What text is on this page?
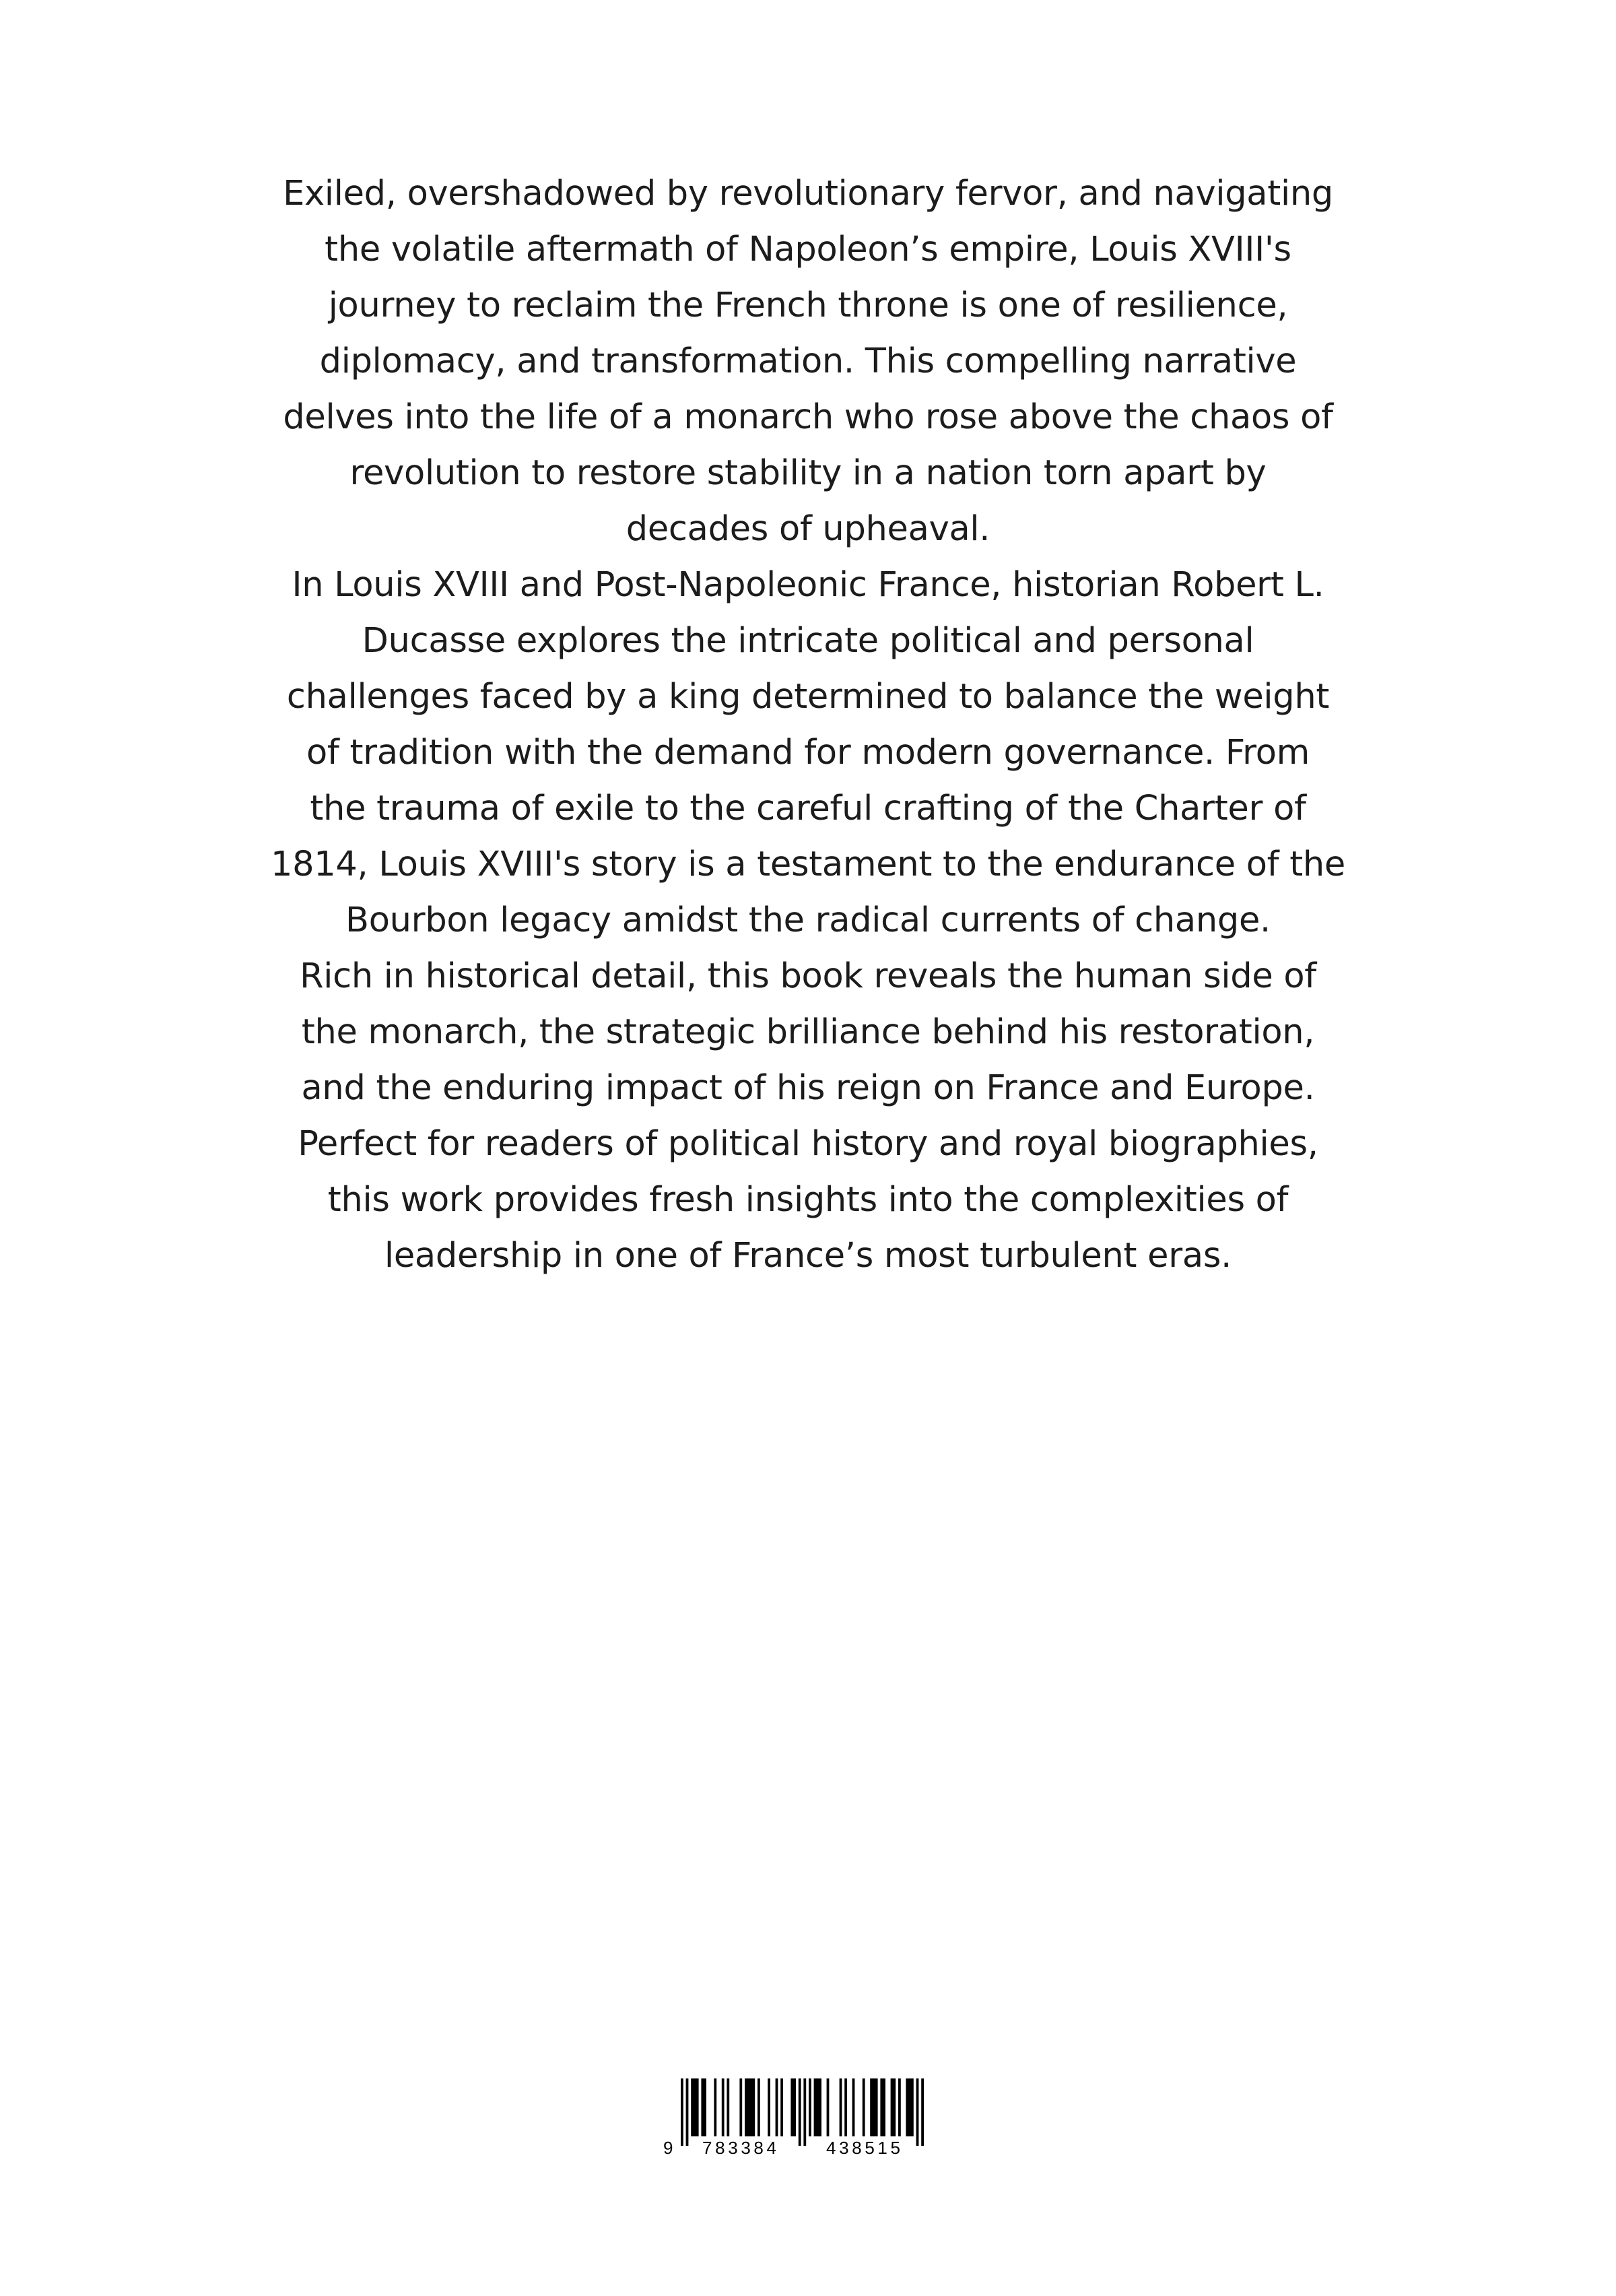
Exiled, overshadowed by revolutionary fervor, and navigating
the volatile aftermath of Napoleon’s empire, Louis XVIII's
journey to reclaim the French throne is one of resilience,
diplomacy, and transformation. This compelling narrative
delves into the life of a monarch who rose above the chaos of
revolution to restore stability in a nation torn apart by
decades of upheaval.
In Louis XVIII and Post-Napoleonic France, historian Robert L.
Ducasse explores the intricate political and personal
challenges faced by a king determined to balance the weight
of tradition with the demand for modern governance. From
the trauma of exile to the careful crafting of the Charter of
1814, Louis XVIII's story is a testament to the endurance of the
Bourbon legacy amidst the radical currents of change.
Rich in historical detail, this book reveals the human side of
the monarch, the strategic brilliance behind his restoration,
and the enduring impact of his reign on France and Europe.
Perfect for readers of political history and royal biographies,
this work provides fresh insights into the complexities of
leadership in one of France’s most turbulent eras.
9 783384	438515
